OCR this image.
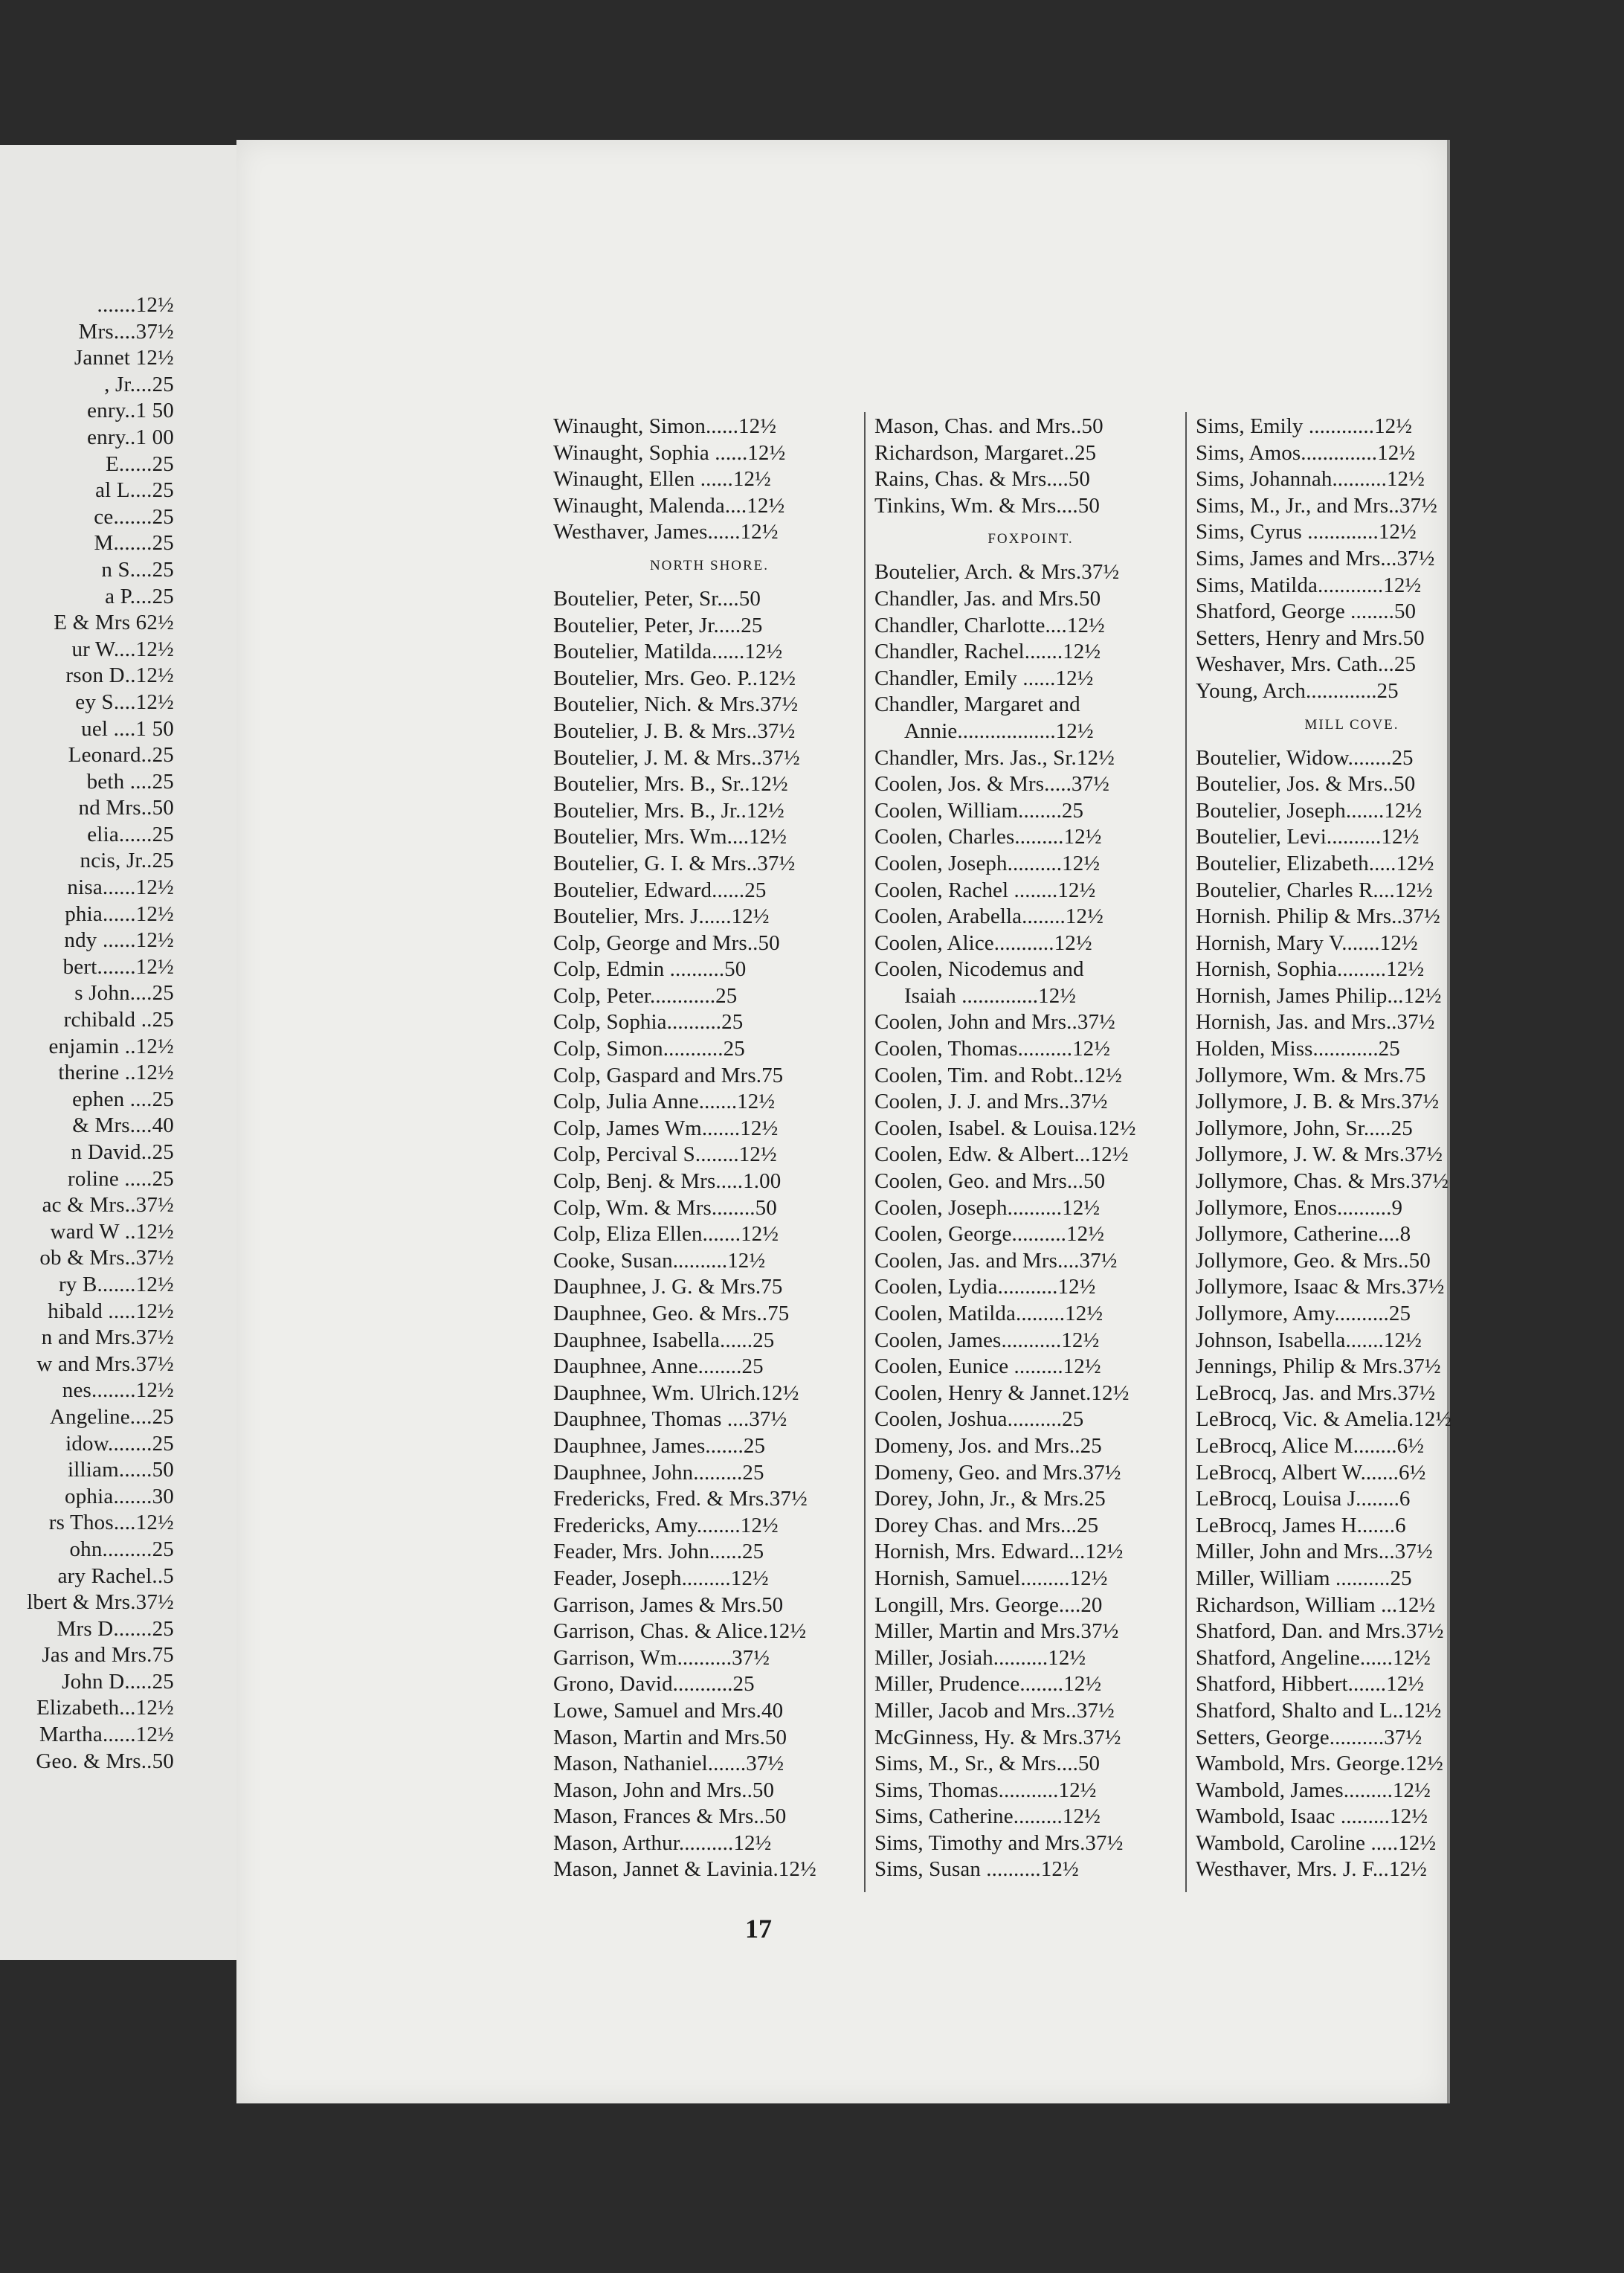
.......12½
Mrs....37½
Jannet 12½
, Jr....25
enry..1 50
enry..1 00
E......25
al L....25
ce.......25
M.......25
n S....25
a P....25
E & Mrs 62½
ur W....12½
rson D..12½
ey S....12½
uel ....1 50
Leonard..25
beth ....25
nd Mrs..50
elia......25
ncis, Jr..25
nisa......12½
phia......12½
ndy ......12½
bert.......12½
s John....25
rchibald ..25
enjamin ..12½
therine ..12½
ephen ....25
& Mrs....40
n David..25
roline .....25
ac & Mrs..37½
ward W ..12½
ob & Mrs..37½
ry B.......12½
hibald .....12½
n and Mrs.37½
w and Mrs.37½
nes........12½
Angeline....25
idow........25
illiam......50
ophia.......30
rs Thos....12½
ohn.........25
ary Rachel..5
lbert & Mrs.37½
Mrs D.......25
Jas and Mrs.75
John D.....25
Elizabeth...12½
Martha......12½
Geo. & Mrs..50
Winaught, Simon......12½
Winaught, Sophia ......12½
Winaught, Ellen ......12½
Winaught, Malenda....12½
Westhaver, James......12½
NORTH SHORE.
Boutelier, Peter, Sr....50
Boutelier, Peter, Jr.....25
Boutelier, Matilda......12½
Boutelier, Mrs. Geo. P..12½
Boutelier, Nich. & Mrs.37½
Boutelier, J. B. & Mrs..37½
Boutelier, J. M. & Mrs..37½
Boutelier, Mrs. B., Sr..12½
Boutelier, Mrs. B., Jr..12½
Boutelier, Mrs. Wm....12½
Boutelier, G. I. & Mrs..37½
Boutelier, Edward......25
Boutelier, Mrs. J......12½
Colp, George and Mrs..50
Colp, Edmin ..........50
Colp, Peter............25
Colp, Sophia..........25
Colp, Simon...........25
Colp, Gaspard and Mrs.75
Colp, Julia Anne.......12½
Colp, James Wm.......12½
Colp, Percival S........12½
Colp, Benj. & Mrs.....1.00
Colp, Wm. & Mrs........50
Colp, Eliza Ellen.......12½
Cooke, Susan..........12½
Dauphnee, J. G. & Mrs.75
Dauphnee, Geo. & Mrs..75
Dauphnee, Isabella......25
Dauphnee, Anne........25
Dauphnee, Wm. Ulrich.12½
Dauphnee, Thomas ....37½
Dauphnee, James.......25
Dauphnee, John.........25
Fredericks, Fred. & Mrs.37½
Fredericks, Amy........12½
Feader, Mrs. John......25
Feader, Joseph.........12½
Garrison, James & Mrs.50
Garrison, Chas. & Alice.12½
Garrison, Wm..........37½
Grono, David...........25
Lowe, Samuel and Mrs.40
Mason, Martin and Mrs.50
Mason, Nathaniel.......37½
Mason, John and Mrs..50
Mason, Frances & Mrs..50
Mason, Arthur..........12½
Mason, Jannet & Lavinia.12½
Mason, Chas. and Mrs..50
Richardson, Margaret..25
Rains, Chas. & Mrs....50
Tinkins, Wm. & Mrs....50
FOXPOINT.
Boutelier, Arch. & Mrs.37½
Chandler, Jas. and Mrs.50
Chandler, Charlotte....12½
Chandler, Rachel.......12½
Chandler, Emily ......12½
Chandler, Margaret and
Annie..................12½
Chandler, Mrs. Jas., Sr.12½
Coolen, Jos. & Mrs.....37½
Coolen, William........25
Coolen, Charles.........12½
Coolen, Joseph..........12½
Coolen, Rachel ........12½
Coolen, Arabella........12½
Coolen, Alice...........12½
Coolen, Nicodemus and
Isaiah ..............12½
Coolen, John and Mrs..37½
Coolen, Thomas..........12½
Coolen, Tim. and Robt..12½
Coolen, J. J. and Mrs..37½
Coolen, Isabel. & Louisa.12½
Coolen, Edw. & Albert...12½
Coolen, Geo. and Mrs...50
Coolen, Joseph..........12½
Coolen, George..........12½
Coolen, Jas. and Mrs....37½
Coolen, Lydia...........12½
Coolen, Matilda.........12½
Coolen, James...........12½
Coolen, Eunice .........12½
Coolen, Henry & Jannet.12½
Coolen, Joshua..........25
Domeny, Jos. and Mrs..25
Domeny, Geo. and Mrs.37½
Dorey, John, Jr., & Mrs.25
Dorey Chas. and Mrs...25
Hornish, Mrs. Edward...12½
Hornish, Samuel.........12½
Longill, Mrs. George....20
Miller, Martin and Mrs.37½
Miller, Josiah..........12½
Miller, Prudence........12½
Miller, Jacob and Mrs..37½
McGinness, Hy. & Mrs.37½
Sims, M., Sr., & Mrs....50
Sims, Thomas...........12½
Sims, Catherine.........12½
Sims, Timothy and Mrs.37½
Sims, Susan ..........12½
Sims, Emily ............12½
Sims, Amos..............12½
Sims, Johannah..........12½
Sims, M., Jr., and Mrs..37½
Sims, Cyrus .............12½
Sims, James and Mrs...37½
Sims, Matilda............12½
Shatford, George ........50
Setters, Henry and Mrs.50
Weshaver, Mrs. Cath...25
Young, Arch.............25
MILL COVE.
Boutelier, Widow........25
Boutelier, Jos. & Mrs..50
Boutelier, Joseph.......12½
Boutelier, Levi..........12½
Boutelier, Elizabeth.....12½
Boutelier, Charles R....12½
Hornish. Philip & Mrs..37½
Hornish, Mary V.......12½
Hornish, Sophia.........12½
Hornish, James Philip...12½
Hornish, Jas. and Mrs..37½
Holden, Miss............25
Jollymore, Wm. & Mrs.75
Jollymore, J. B. & Mrs.37½
Jollymore, John, Sr.....25
Jollymore, J. W. & Mrs.37½
Jollymore, Chas. & Mrs.37½
Jollymore, Enos..........9
Jollymore, Catherine....8
Jollymore, Geo. & Mrs..50
Jollymore, Isaac & Mrs.37½
Jollymore, Amy..........25
Johnson, Isabella.......12½
Jennings, Philip & Mrs.37½
LeBrocq, Jas. and Mrs.37½
LeBrocq, Vic. & Amelia.12½
LeBrocq, Alice M........6½
LeBrocq, Albert W.......6½
LeBrocq, Louisa J........6
LeBrocq, James H.......6
Miller, John and Mrs...37½
Miller, William ..........25
Richardson, William ...12½
Shatford, Dan. and Mrs.37½
Shatford, Angeline......12½
Shatford, Hibbert.......12½
Shatford, Shalto and L..12½
Setters, George..........37½
Wambold, Mrs. George.12½
Wambold, James.........12½
Wambold, Isaac .........12½
Wambold, Caroline .....12½
Westhaver, Mrs. J. F...12½
17
